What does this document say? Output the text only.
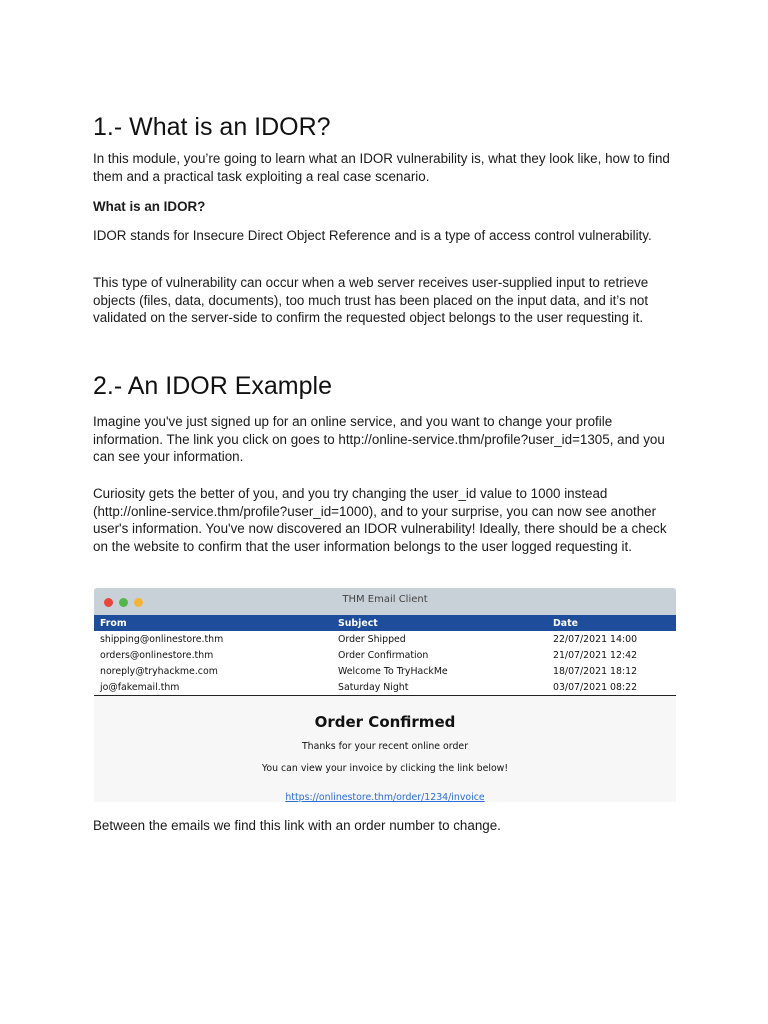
1.- What is an IDOR?

In this module, you’re going to learn what an IDOR vulnerability is, what they look like, how to find them and a practical task exploiting a real case scenario.

What is an IDOR?

IDOR stands for Insecure Direct Object Reference and is a type of access control vulnerability.

This type of vulnerability can occur when a web server receives user-supplied input to retrieve objects (files, data, documents), too much trust has been placed on the input data, and it’s not validated on the server-side to confirm the requested object belongs to the user requesting it.

2.- An IDOR Example

Imagine you've just signed up for an online service, and you want to change your profile information. The link you click on goes to http://online-service.thm/profile?user_id=1305, and you can see your information.

Curiosity gets the better of you, and you try changing the user_id value to 1000 instead (http://online-service.thm/profile?user_id=1000), and to your surprise, you can now see another user's information. You've now discovered an IDOR vulnerability! Ideally, there should be a check on the website to confirm that the user information belongs to the user logged requesting it.

Between the emails we find this link with an order number to change.

THM Email Client
From	Subject	Date
shipping@onlinestore.thm	Order Shipped	22/07/2021 14:00
orders@onlinestore.thm	Order Confirmation	21/07/2021 12:42
noreply@tryhackme.com	Welcome To TryHackMe	18/07/2021 18:12
jo@fakemail.thm	Saturday Night	03/07/2021 08:22
Order Confirmed
Thanks for your recent online order
You can view your invoice by clicking the link below!
https://onlinestore.thm/order/1234/invoice
